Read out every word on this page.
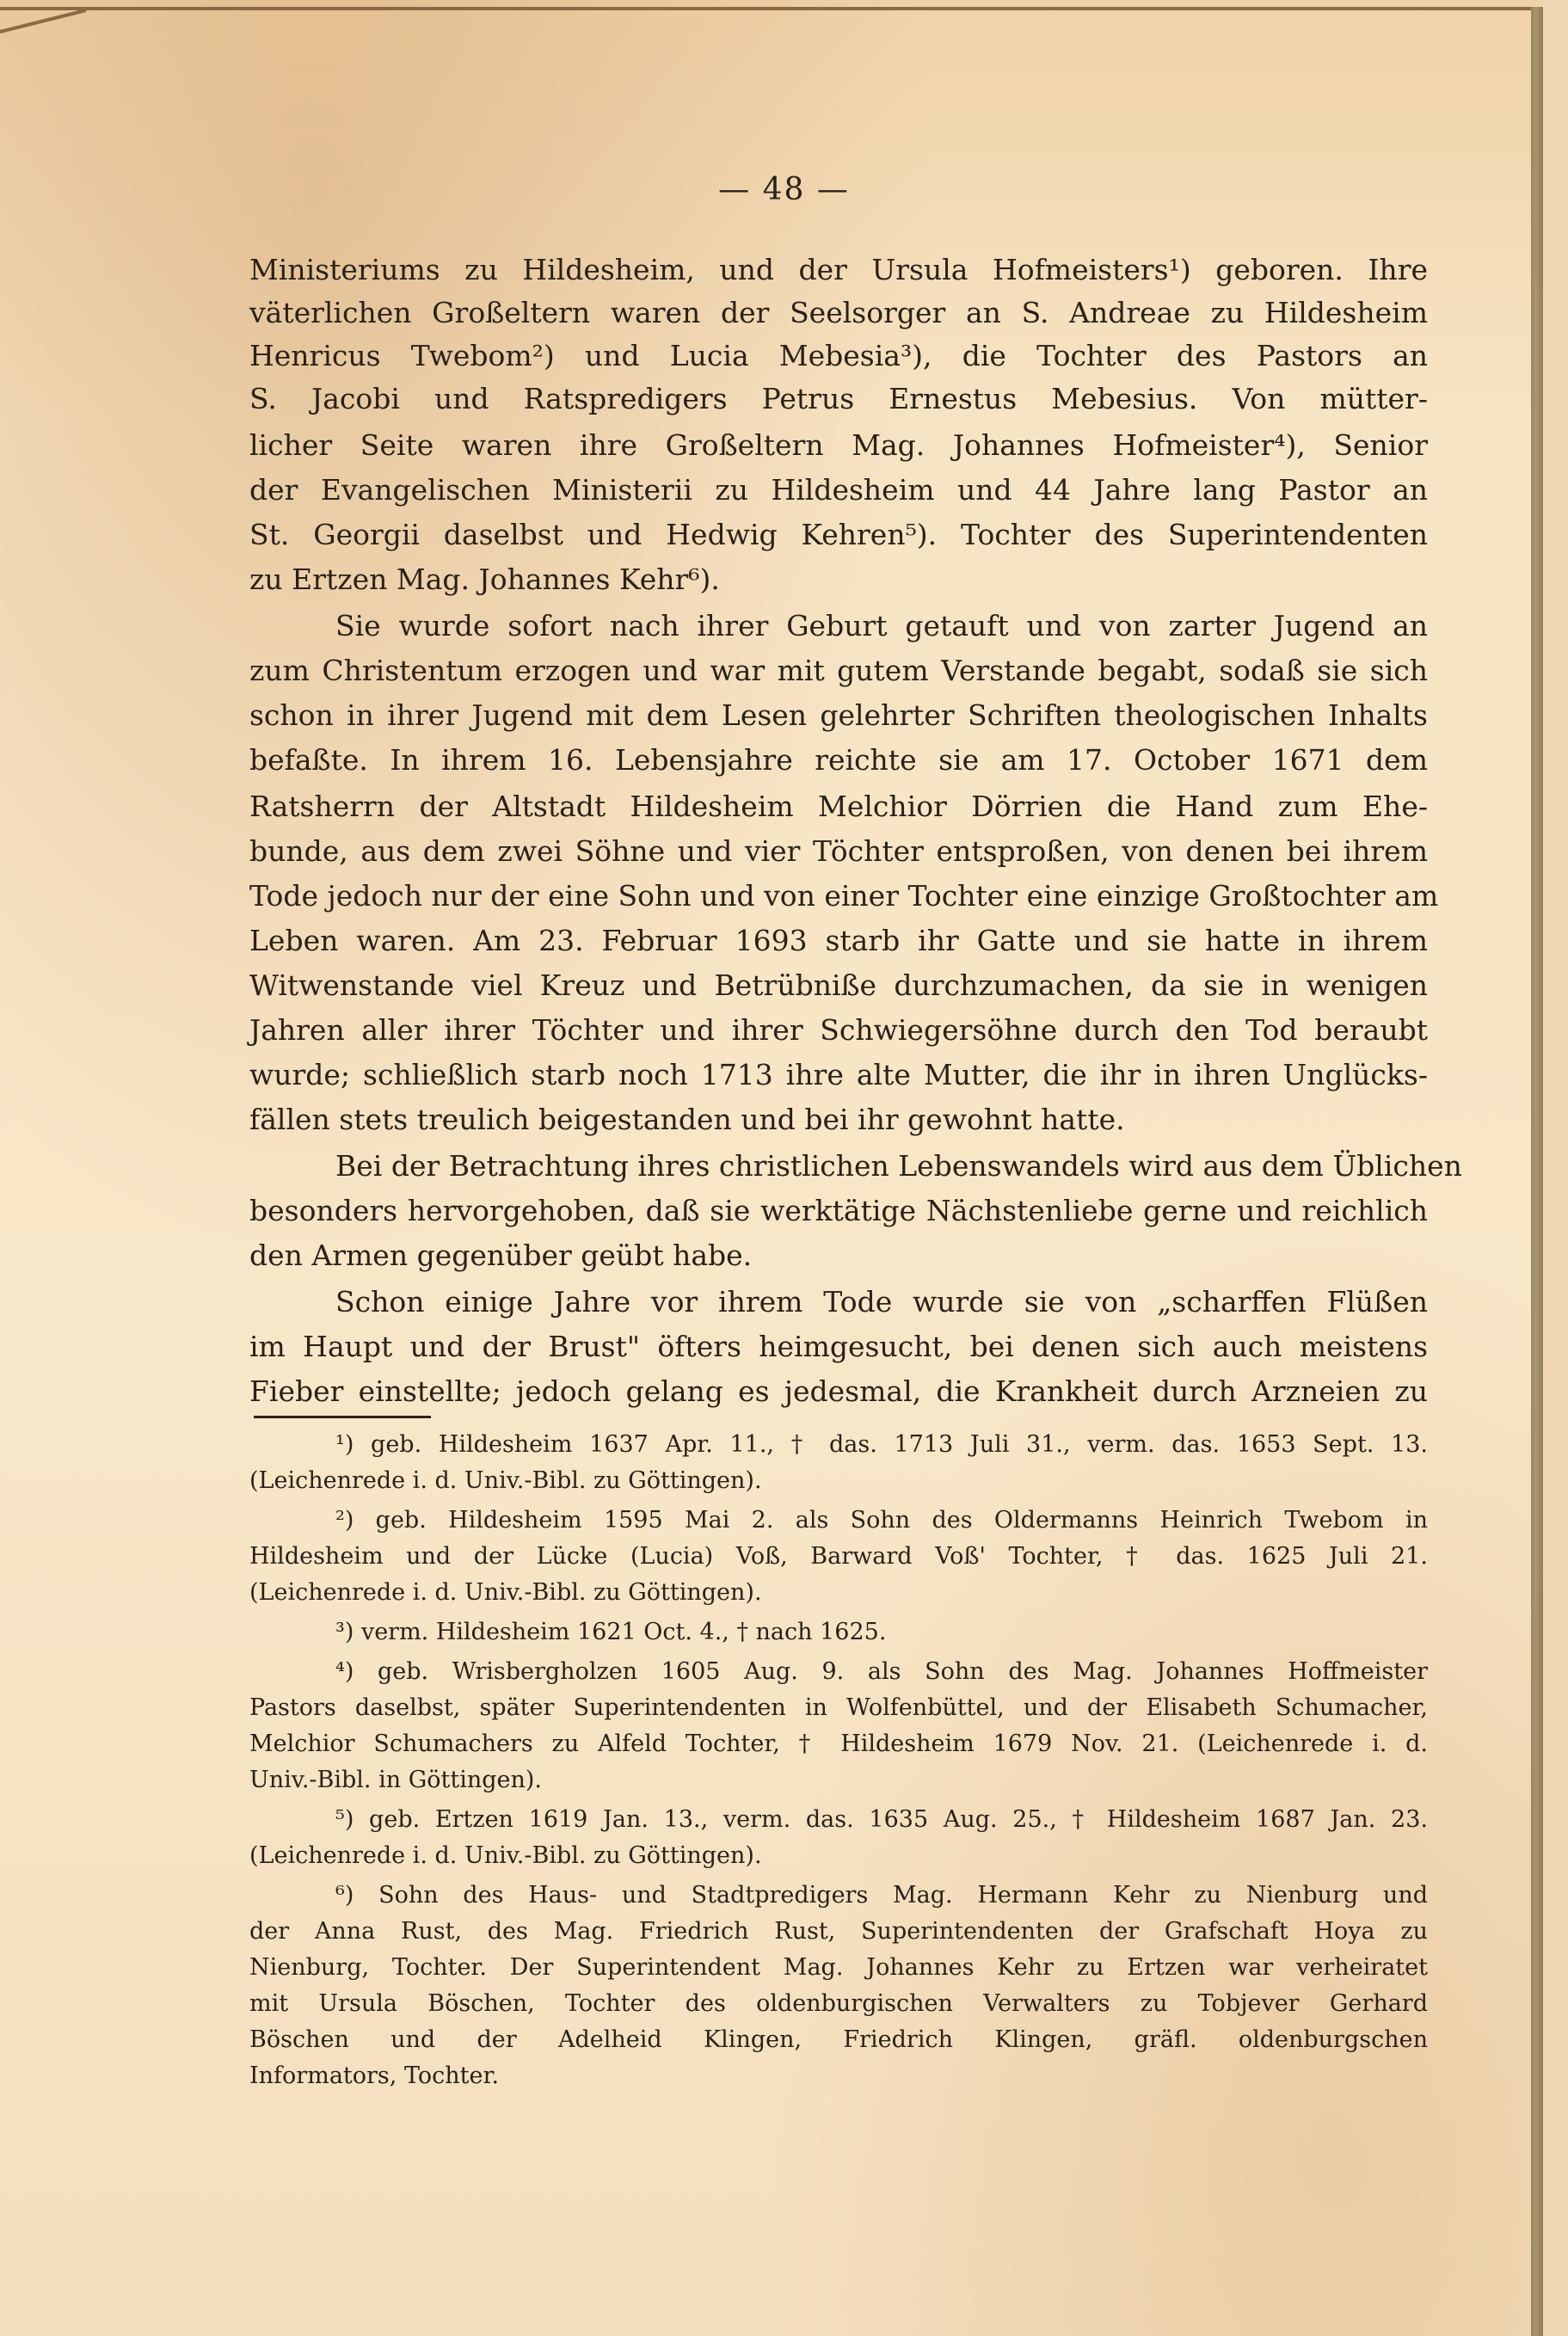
— 48 —
Ministeriums zu Hildesheim, und der Ursula Hofmeisters¹) geboren. Ihre
väterlichen Großeltern waren der Seelsorger an S. Andreae zu Hildesheim
Henricus Twebom²) und Lucia Mebesia³), die Tochter des Pastors an
S. Jacobi und Ratspredigers Petrus Ernestus Mebesius. Von mütter-
licher Seite waren ihre Großeltern Mag. Johannes Hofmeister⁴), Senior
der Evangelischen Ministerii zu Hildesheim und 44 Jahre lang Pastor an
St. Georgii daselbst und Hedwig Kehren⁵). Tochter des Superintendenten
zu Ertzen Mag. Johannes Kehr⁶).
Sie wurde sofort nach ihrer Geburt getauft und von zarter Jugend an
zum Christentum erzogen und war mit gutem Verstande begabt, sodaß sie sich
schon in ihrer Jugend mit dem Lesen gelehrter Schriften theologischen Inhalts
befaßte. In ihrem 16. Lebensjahre reichte sie am 17. October 1671 dem
Ratsherrn der Altstadt Hildesheim Melchior Dörrien die Hand zum Ehe-
bunde, aus dem zwei Söhne und vier Töchter entsproßen, von denen bei ihrem
Tode jedoch nur der eine Sohn und von einer Tochter eine einzige Großtochter am
Leben waren. Am 23. Februar 1693 starb ihr Gatte und sie hatte in ihrem
Witwenstande viel Kreuz und Betrübniße durchzumachen, da sie in wenigen
Jahren aller ihrer Töchter und ihrer Schwiegersöhne durch den Tod beraubt
wurde; schließlich starb noch 1713 ihre alte Mutter, die ihr in ihren Unglücks-
fällen stets treulich beigestanden und bei ihr gewohnt hatte.
Bei der Betrachtung ihres christlichen Lebenswandels wird aus dem Üblichen
besonders hervorgehoben, daß sie werktätige Nächstenliebe gerne und reichlich
den Armen gegenüber geübt habe.
Schon einige Jahre vor ihrem Tode wurde sie von „scharffen Flüßen
im Haupt und der Brust" öfters heimgesucht, bei denen sich auch meistens
Fieber einstellte; jedoch gelang es jedesmal, die Krankheit durch Arzneien zu
¹) geb. Hildesheim 1637 Apr. 11., † das. 1713 Juli 31., verm. das. 1653 Sept. 13.
(Leichenrede i. d. Univ.-Bibl. zu Göttingen).
²) geb. Hildesheim 1595 Mai 2. als Sohn des Oldermanns Heinrich Twebom in
Hildesheim und der Lücke (Lucia) Voß, Barward Voß' Tochter, † das. 1625 Juli 21.
(Leichenrede i. d. Univ.-Bibl. zu Göttingen).
³) verm. Hildesheim 1621 Oct. 4., † nach 1625.
⁴) geb. Wrisbergholzen 1605 Aug. 9. als Sohn des Mag. Johannes Hoffmeister
Pastors daselbst, später Superintendenten in Wolfenbüttel, und der Elisabeth Schumacher,
Melchior Schumachers zu Alfeld Tochter, † Hildesheim 1679 Nov. 21. (Leichenrede i. d.
Univ.-Bibl. in Göttingen).
⁵) geb. Ertzen 1619 Jan. 13., verm. das. 1635 Aug. 25., † Hildesheim 1687 Jan. 23.
(Leichenrede i. d. Univ.-Bibl. zu Göttingen).
⁶) Sohn des Haus- und Stadtpredigers Mag. Hermann Kehr zu Nienburg und
der Anna Rust, des Mag. Friedrich Rust, Superintendenten der Grafschaft Hoya zu
Nienburg, Tochter. Der Superintendent Mag. Johannes Kehr zu Ertzen war verheiratet
mit Ursula Böschen, Tochter des oldenburgischen Verwalters zu Tobjever Gerhard
Böschen und der Adelheid Klingen, Friedrich Klingen, gräfl. oldenburgschen
Informators, Tochter.
